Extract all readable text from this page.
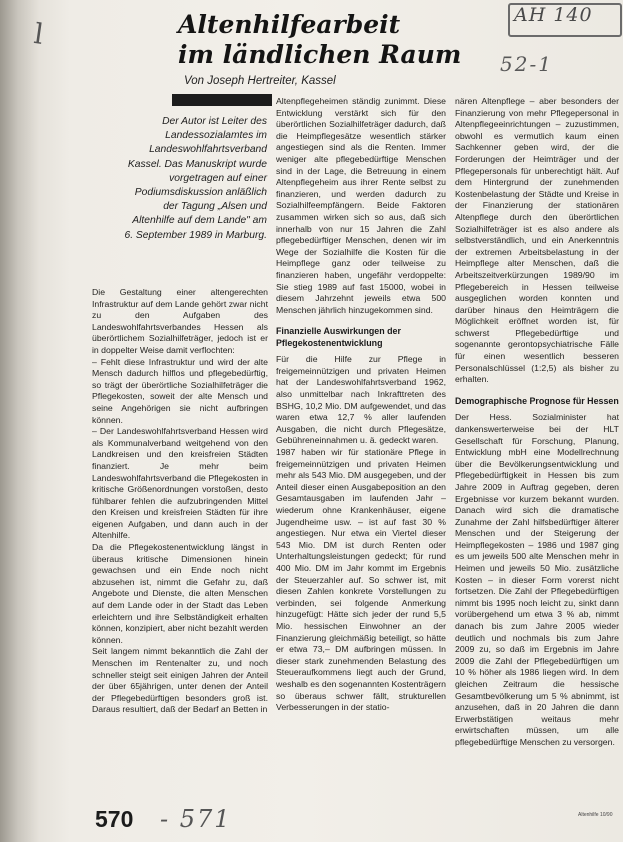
l
AH 140
52-1
Altenhilfearbeit
im ländlichen Raum
Von Joseph Hertreiter, Kassel
Der Autor ist Leiter des Landessozialamtes im Landeswohlfahrtsverband Kassel. Das Manuskript wurde vorgetragen auf einer Podiumsdiskussion anläßlich der Tagung „Alsen und Altenhilfe auf dem Lande" am 6. September 1989 in Marburg.

Die Gestaltung einer altengerechten Infrastruktur auf dem Lande gehört zwar nicht zu den Aufgaben des Landeswohlfahrtsverbandes Hessen als überörtlichem Sozialhilfeträger, jedoch ist er in doppelter Weise damit verflochten:

– Fehlt diese Infrastruktur und wird der alte Mensch dadurch hilflos und pflegebedürftig, so trägt der überörtliche Sozialhilfeträger die Pflegekosten, soweit der alte Mensch und seine Angehörigen sie nicht aufbringen können.

– Der Landeswohlfahrtsverband Hessen wird als Kommunalverband weitgehend von den Landkreisen und den kreisfreien Städten finanziert. Je mehr beim Landeswohlfahrtsverband die Pflegekosten in kritische Größenordnungen vorstoßen, desto fühlbarer fehlen die aufzubringenden Mittel den Kreisen und kreisfreien Städten für ihre eigenen Aufgaben, und dann auch in der Altenhilfe.

Da die Pflegekostenentwicklung längst in überaus kritische Dimensionen hinein gewachsen und ein Ende noch nicht abzusehen ist, nimmt die Gefahr zu, daß Angebote und Dienste, die alten Menschen auf dem Lande oder in der Stadt das Leben erleichtern und ihre Selbständigkeit erhalten können, konzipiert, aber nicht bezahlt werden können.

Seit langem nimmt bekanntlich die Zahl der Menschen im Rentenalter zu, und noch schneller steigt seit einigen Jahren der Anteil der über 65jährigen, unter denen der Anteil der Pflegebedürftigen besonders groß ist. Daraus resultiert, daß der Bedarf an Betten in

Altenpflegeheimen ständig zunimmt. Diese Entwicklung verstärkt sich für den überörtlichen Sozialhilfeträger dadurch, daß die Heimpflegesätze wesentlich stärker angestiegen sind als die Renten. Immer weniger alte pflegebedürftige Menschen sind in der Lage, die Betreuung in einem Altenpflegeheim aus ihrer Rente selbst zu finanzieren, und werden dadurch zu Sozialhilfeempfängern. Beide Faktoren zusammen wirken sich so aus, daß sich innerhalb von nur 15 Jahren die Zahl pflegebedürftiger Menschen, denen wir im Wege der Sozialhilfe die Kosten für die Heimpflege ganz oder teilweise zu finanzieren haben, ungefähr verdoppelte: Sie stieg 1989 auf fast 15000, wobei in diesem Jahrzehnt jeweils etwa 500 Menschen jährlich hinzugekommen sind.

Finanzielle Auswirkungen der Pflegekostenentwicklung

Für die Hilfe zur Pflege in freigemeinnützigen und privaten Heimen hat der Landeswohlfahrtsverband 1962, also unmittelbar nach Inkrafttreten des BSHG, 10,2 Mio. DM aufgewendet, und das waren etwa 12,7 % aller laufenden Ausgaben, die nicht durch Pflegesätze, Gebühreneinnahmen u. ä. gedeckt waren.

1987 haben wir für stationäre Pflege in freigemeinnützigen und privaten Heimen mehr als 543 Mio. DM ausgegeben, und der Anteil dieser einen Ausgabeposition an den Gesamtausgaben im laufenden Jahr – wiederum ohne Krankenhäuser, eigene Jugendheime usw. – ist auf fast 30 % angestiegen. Nur etwa ein Viertel dieser 543 Mio. DM ist durch Renten oder Unterhaltungsleistungen gedeckt; für rund 400 Mio. DM im Jahr kommt im Ergebnis der Steuerzahler auf. So schwer ist, mit diesen Zahlen konkrete Vorstellungen zu verbinden, sei folgende Anmerkung hinzugefügt: Hätte sich jeder der rund 5,5 Mio. hessischen Einwohner an der Finanzierung gleichmäßig beteiligt, so hätte er etwa 73,– DM aufbringen müssen. In dieser stark zunehmenden Belastung des Steueraufkommens liegt auch der Grund, weshalb es den sogenannten Kostenträgern so überaus schwer fällt, strukturellen Verbesserungen in der statio-

nären Altenpflege – aber besonders der Finanzierung von mehr Pflegepersonal in Altenpflegeeinrichtungen – zuzustimmen, obwohl es vermutlich kaum einen Sachkenner geben wird, der die Forderungen der Heimträger und der Pflegepersonals für unberechtigt hält. Auf dem Hintergrund der zunehmenden Kostenbelastung der Städte und Kreise in der Finanzierung der stationären Altenpflege durch den überörtlichen Sozialhilfeträger ist es also andere als selbstverständlich, und ein Anerkenntnis der extremen Arbeitsbelastung in der Heimpflege alter Menschen, daß die Arbeitszeitverkürzungen 1989/90 im Pflegebereich in Hessen teilweise ausgeglichen worden konnten und darüber hinaus den Heimträgern die Möglichkeit eröffnet worden ist, für schwerst Pflegebedürftige und sogenannte gerontopsychiatrische Fälle für einen wesentlich besseren Personalschlüssel (1:2,5) als bisher zu erhalten.

Demographische Prognose für Hessen

Der Hess. Sozialminister hat dankenswerterweise bei der HLT Gesellschaft für Forschung, Planung, Entwicklung mbH eine Modellrechnung über die Bevölkerungsentwicklung und Pflegebedürftigkeit in Hessen bis zum Jahre 2009 in Auftrag gegeben, deren Ergebnisse vor kurzem bekannt wurden. Danach wird sich die dramatische Zunahme der Zahl hilfsbedürftiger älterer Menschen und der Steigerung der Heimpflegekosten – 1986 und 1987 ging es um jeweils 500 alte Menschen mehr in Heimen und jeweils 50 Mio. zusätzliche Kosten – in dieser Form vorerst nicht fortsetzen. Die Zahl der Pflegebedürftigen nimmt bis 1995 noch leicht zu, sinkt dann vorübergehend um etwa 3 % ab, nimmt danach bis zum Jahre 2005 wieder deutlich und nochmals bis zum Jahre 2009 zu, so daß im Ergebnis im Jahre 2009 die Zahl der Pflegebedürftigen um 10 % höher als 1986 liegen wird. In dem gleichen Zeitraum die hessische Gesamtbevölkerung um 5 % abnimmt, ist anzusehen, daß in 20 Jahren die dann Erwerbstätigen weitaus mehr erwirtschaften müssen, um alle pflegebedürftige Menschen zu versorgen.

570	- 571	Altenhilfe 10/90
